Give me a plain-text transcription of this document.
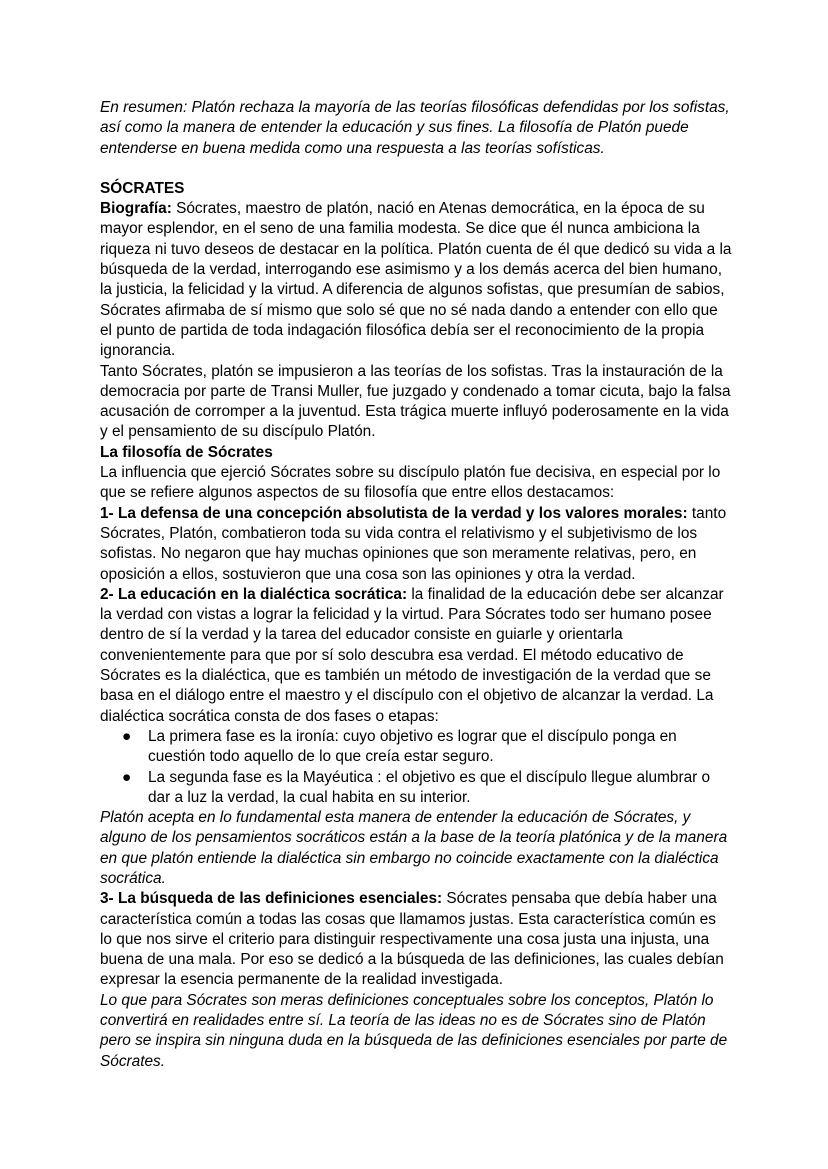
En resumen: Platón rechaza la mayoría de las teorías filosóficas defendidas por los sofistas, así como la manera de entender la educación y sus fines. La filosofía de Platón puede entenderse en buena medida como una respuesta a las teorías sofísticas.

SÓCRATES

Biografía: Sócrates, maestro de platón, nació en Atenas democrática, en la época de su mayor esplendor, en el seno de una familia modesta. Se dice que él nunca ambiciona la riqueza ni tuvo deseos de destacar en la política. Platón cuenta de él que dedicó su vida a la búsqueda de la verdad, interrogando ese asimismo y a los demás acerca del bien humano, la justicia, la felicidad y la virtud. A diferencia de algunos sofistas, que presumían de sabios, Sócrates afirmaba de sí mismo que solo sé que no sé nada dando a entender con ello que el punto de partida de toda indagación filosófica debía ser el reconocimiento de la propia ignorancia.

Tanto Sócrates, platón se impusieron a las teorías de los sofistas. Tras la instauración de la democracia por parte de Transi Muller, fue juzgado y condenado a tomar cicuta, bajo la falsa acusación de corromper a la juventud. Esta trágica muerte influyó poderosamente en la vida y el pensamiento de su discípulo Platón.

La filosofía de Sócrates

La influencia que ejerció Sócrates sobre su discípulo platón fue decisiva, en especial por lo que se refiere algunos aspectos de su filosofía que entre ellos destacamos:

1- La defensa de una concepción absolutista de la verdad y los valores morales: tanto Sócrates, Platón, combatieron toda su vida contra el relativismo y el subjetivismo de los sofistas. No negaron que hay muchas opiniones que son meramente relativas, pero, en oposición a ellos, sostuvieron que una cosa son las opiniones y otra la verdad.

2- La educación en la dialéctica socrática: la finalidad de la educación debe ser alcanzar la verdad con vistas a lograr la felicidad y la virtud. Para Sócrates todo ser humano posee dentro de sí la verdad y la tarea del educador consiste en guiarle y orientarla convenientemente para que por sí solo descubra esa verdad. El método educativo de Sócrates es la dialéctica, que es también un método de investigación de la verdad que se basa en el diálogo entre el maestro y el discípulo con el objetivo de alcanzar la verdad. La dialéctica socrática consta de dos fases o etapas:

● La primera fase es la ironía: cuyo objetivo es lograr que el discípulo ponga en cuestión todo aquello de lo que creía estar seguro.
● La segunda fase es la Mayéutica : el objetivo es que el discípulo llegue alumbrar o dar a luz la verdad, la cual habita en su interior.

Platón acepta en lo fundamental esta manera de entender la educación de Sócrates, y alguno de los pensamientos socráticos están a la base de la teoría platónica y de la manera en que platón entiende la dialéctica sin embargo no coincide exactamente con la dialéctica socrática.

3- La búsqueda de las definiciones esenciales: Sócrates pensaba que debía haber una característica común a todas las cosas que llamamos justas. Esta característica común es lo que nos sirve el criterio para distinguir respectivamente una cosa justa una injusta, una buena de una mala. Por eso se dedicó a la búsqueda de las definiciones, las cuales debían expresar la esencia permanente de la realidad investigada.

Lo que para Sócrates son meras definiciones conceptuales sobre los conceptos, Platón lo convertirá en realidades entre sí. La teoría de las ideas no es de Sócrates sino de Platón pero se inspira sin ninguna duda en la búsqueda de las definiciones esenciales por parte de Sócrates.
